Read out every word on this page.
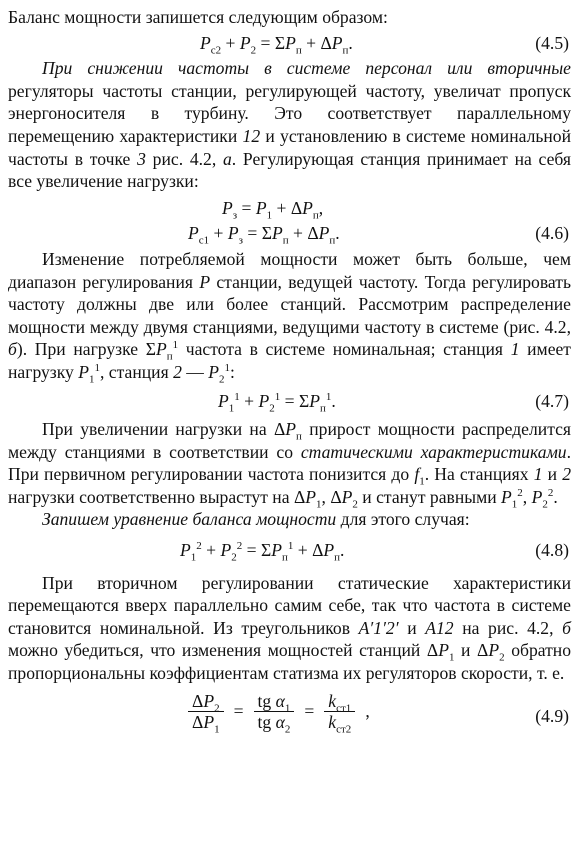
Баланс мощности запишется следующим образом:

$P_{c2} + P_2 = \Sigma P_п + \Delta P_п$.	(4.5)

При снижении частоты в системе персонал или вторичные регуляторы частоты станции, регулирующей частоту, увеличат пропуск энергоносителя в турбину. Это соответствует параллельному перемещению характеристики 12 и установлению в системе номинальной частоты в точке 3 рис. 4.2, а. Регулирующая станция принимает на себя все увеличение нагрузки:

$P_з = P_1 + \Delta P_п$,
$P_{c1} + P_з = \Sigma P_п + \Delta P_п$.	(4.6)

Изменение потребляемой мощности может быть больше, чем диапазон регулирования P станции, ведущей частоту. Тогда регулировать частоту должны две или более станций. Рассмотрим распределение мощности между двумя станциями, ведущими частоту в системе (рис. 4.2, б). При нагрузке $\Sigma P_п^1$ частота в системе номинальная; станция 1 имеет нагрузку $P_1^1$, станция 2 — $P_2^1$:

$P_1^1 + P_2^1 = \Sigma P_п^1$.	(4.7)

При увеличении нагрузки на $\Delta P_п$ прирост мощности распределится между станциями в соответствии со статическими характеристиками. При первичном регулировании частота понизится до $f_1$. На станциях 1 и 2 нагрузки соответственно вырастут на $\Delta P_1$, $\Delta P_2$ и станут равными $P_1^2$, $P_2^2$.

Запишем уравнение баланса мощности для этого случая:

$P_1^2 + P_2^2 = \Sigma P_п^1 + \Delta P_п$.	(4.8)

При вторичном регулировании статические характеристики перемещаются вверх параллельно самим себе, так что частота в системе становится номинальной. Из треугольников A′1′2′ и A12 на рис. 4.2, б можно убедиться, что изменения мощностей станций $\Delta P_1$ и $\Delta P_2$ обратно пропорциональны коэффициентам статизма их регуляторов скорости, т. е.

$\frac{\Delta P_2}{\Delta P_1} = \frac{tg \alpha_1}{tg \alpha_2} = \frac{k_{ст1}}{k_{ст2}}$ ,	(4.9)
